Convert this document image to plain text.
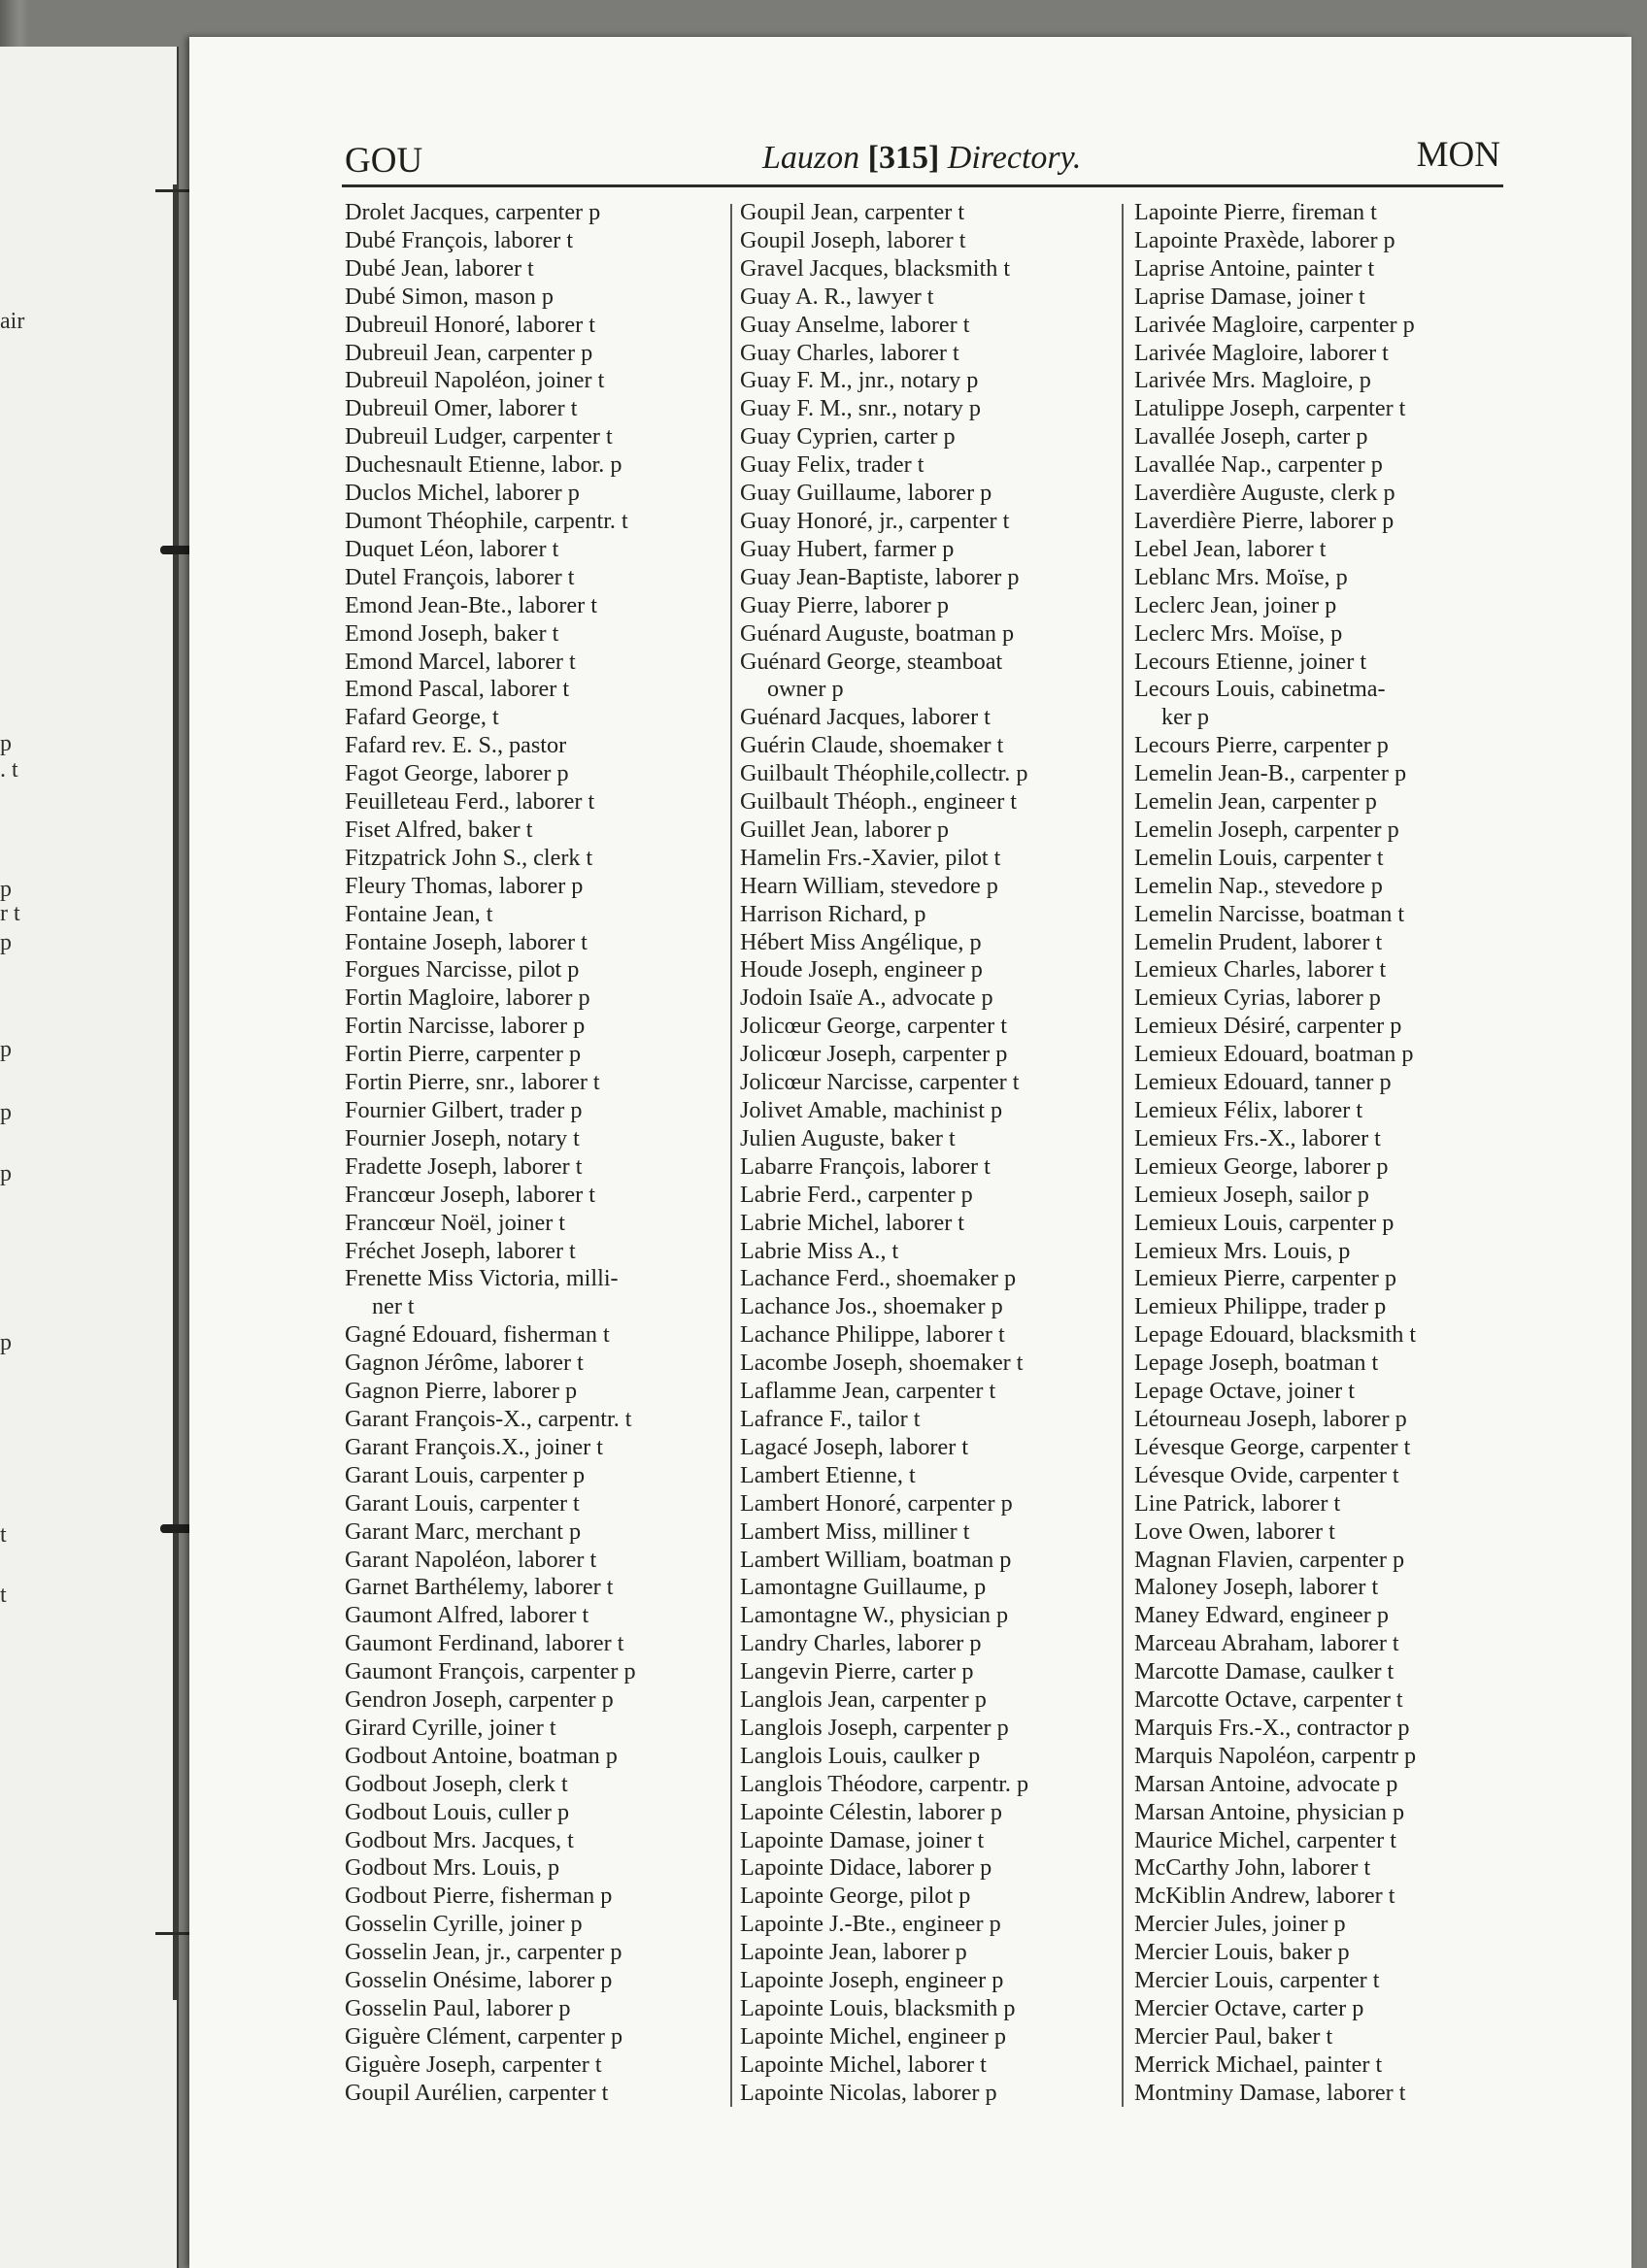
air
p
. t
p
r t
p
p
p
p
p
t
t
GOU	Lauzon [315] Directory.	MON
Drolet Jacques, carpenter p
Dubé François, laborer t
Dubé Jean, laborer t
Dubé Simon, mason p
Dubreuil Honoré, laborer t
Dubreuil Jean, carpenter p
Dubreuil Napoléon, joiner t
Dubreuil Omer, laborer t
Dubreuil Ludger, carpenter t
Duchesnault Etienne, labor. p
Duclos Michel, laborer p
Dumont Théophile, carpentr. t
Duquet Léon, laborer t
Dutel François, laborer t
Emond Jean-Bte., laborer t
Emond Joseph, baker t
Emond Marcel, laborer t
Emond Pascal, laborer t
Fafard George, t
Fafard rev. E. S., pastor
Fagot George, laborer p
Feuilleteau Ferd., laborer t
Fiset Alfred, baker t
Fitzpatrick John S., clerk t
Fleury Thomas, laborer p
Fontaine Jean, t
Fontaine Joseph, laborer t
Forgues Narcisse, pilot p
Fortin Magloire, laborer p
Fortin Narcisse, laborer p
Fortin Pierre, carpenter p
Fortin Pierre, snr., laborer t
Fournier Gilbert, trader p
Fournier Joseph, notary t
Fradette Joseph, laborer t
Francœur Joseph, laborer t
Francœur Noël, joiner t
Fréchet Joseph, laborer t
Frenette Miss Victoria, milli-
ner t
Gagné Edouard, fisherman t
Gagnon Jérôme, laborer t
Gagnon Pierre, laborer p
Garant François-X., carpentr. t
Garant François.X., joiner t
Garant Louis, carpenter p
Garant Louis, carpenter t
Garant Marc, merchant p
Garant Napoléon, laborer t
Garnet Barthélemy, laborer t
Gaumont Alfred, laborer t
Gaumont Ferdinand, laborer t
Gaumont François, carpenter p
Gendron Joseph, carpenter p
Girard Cyrille, joiner t
Godbout Antoine, boatman p
Godbout Joseph, clerk t
Godbout Louis, culler p
Godbout Mrs. Jacques, t
Godbout Mrs. Louis, p
Godbout Pierre, fisherman p
Gosselin Cyrille, joiner p
Gosselin Jean, jr., carpenter p
Gosselin Onésime, laborer p
Gosselin Paul, laborer p
Giguère Clément, carpenter p
Giguère Joseph, carpenter t
Goupil Aurélien, carpenter t
Goupil Jean, carpenter t
Goupil Joseph, laborer t
Gravel Jacques, blacksmith t
Guay A. R., lawyer t
Guay Anselme, laborer t
Guay Charles, laborer t
Guay F. M., jnr., notary p
Guay F. M., snr., notary p
Guay Cyprien, carter p
Guay Felix, trader t
Guay Guillaume, laborer p
Guay Honoré, jr., carpenter t
Guay Hubert, farmer p
Guay Jean-Baptiste, laborer p
Guay Pierre, laborer p
Guénard Auguste, boatman p
Guénard George, steamboat
owner p
Guénard Jacques, laborer t
Guérin Claude, shoemaker t
Guilbault Théophile,collectr. p
Guilbault Théoph., engineer t
Guillet Jean, laborer p
Hamelin Frs.-Xavier, pilot t
Hearn William, stevedore p
Harrison Richard, p
Hébert Miss Angélique, p
Houde Joseph, engineer p
Jodoin Isaïe A., advocate p
Jolicœur George, carpenter t
Jolicœur Joseph, carpenter p
Jolicœur Narcisse, carpenter t
Jolivet Amable, machinist p
Julien Auguste, baker t
Labarre François, laborer t
Labrie Ferd., carpenter p
Labrie Michel, laborer t
Labrie Miss A., t
Lachance Ferd., shoemaker p
Lachance Jos., shoemaker p
Lachance Philippe, laborer t
Lacombe Joseph, shoemaker t
Laflamme Jean, carpenter t
Lafrance F., tailor t
Lagacé Joseph, laborer t
Lambert Etienne, t
Lambert Honoré, carpenter p
Lambert Miss, milliner t
Lambert William, boatman p
Lamontagne Guillaume, p
Lamontagne W., physician p
Landry Charles, laborer p
Langevin Pierre, carter p
Langlois Jean, carpenter p
Langlois Joseph, carpenter p
Langlois Louis, caulker p
Langlois Théodore, carpentr. p
Lapointe Célestin, laborer p
Lapointe Damase, joiner t
Lapointe Didace, laborer p
Lapointe George, pilot p
Lapointe J.-Bte., engineer p
Lapointe Jean, laborer p
Lapointe Joseph, engineer p
Lapointe Louis, blacksmith p
Lapointe Michel, engineer p
Lapointe Michel, laborer t
Lapointe Nicolas, laborer p
Lapointe Pierre, fireman t
Lapointe Praxède, laborer p
Laprise Antoine, painter t
Laprise Damase, joiner t
Larivée Magloire, carpenter p
Larivée Magloire, laborer t
Larivée Mrs. Magloire, p
Latulippe Joseph, carpenter t
Lavallée Joseph, carter p
Lavallée Nap., carpenter p
Laverdière Auguste, clerk p
Laverdière Pierre, laborer p
Lebel Jean, laborer t
Leblanc Mrs. Moïse, p
Leclerc Jean, joiner p
Leclerc Mrs. Moïse, p
Lecours Etienne, joiner t
Lecours Louis, cabinetma-
ker p
Lecours Pierre, carpenter p
Lemelin Jean-B., carpenter p
Lemelin Jean, carpenter p
Lemelin Joseph, carpenter p
Lemelin Louis, carpenter t
Lemelin Nap., stevedore p
Lemelin Narcisse, boatman t
Lemelin Prudent, laborer t
Lemieux Charles, laborer t
Lemieux Cyrias, laborer p
Lemieux Désiré, carpenter p
Lemieux Edouard, boatman p
Lemieux Edouard, tanner p
Lemieux Félix, laborer t
Lemieux Frs.-X., laborer t
Lemieux George, laborer p
Lemieux Joseph, sailor p
Lemieux Louis, carpenter p
Lemieux Mrs. Louis, p
Lemieux Pierre, carpenter p
Lemieux Philippe, trader p
Lepage Edouard, blacksmith t
Lepage Joseph, boatman t
Lepage Octave, joiner t
Létourneau Joseph, laborer p
Lévesque George, carpenter t
Lévesque Ovide, carpenter t
Line Patrick, laborer t
Love Owen, laborer t
Magnan Flavien, carpenter p
Maloney Joseph, laborer t
Maney Edward, engineer p
Marceau Abraham, laborer t
Marcotte Damase, caulker t
Marcotte Octave, carpenter t
Marquis Frs.-X., contractor p
Marquis Napoléon, carpentr p
Marsan Antoine, advocate p
Marsan Antoine, physician p
Maurice Michel, carpenter t
McCarthy John, laborer t
McKiblin Andrew, laborer t
Mercier Jules, joiner p
Mercier Louis, baker p
Mercier Louis, carpenter t
Mercier Octave, carter p
Mercier Paul, baker t
Merrick Michael, painter t
Montminy Damase, laborer t
